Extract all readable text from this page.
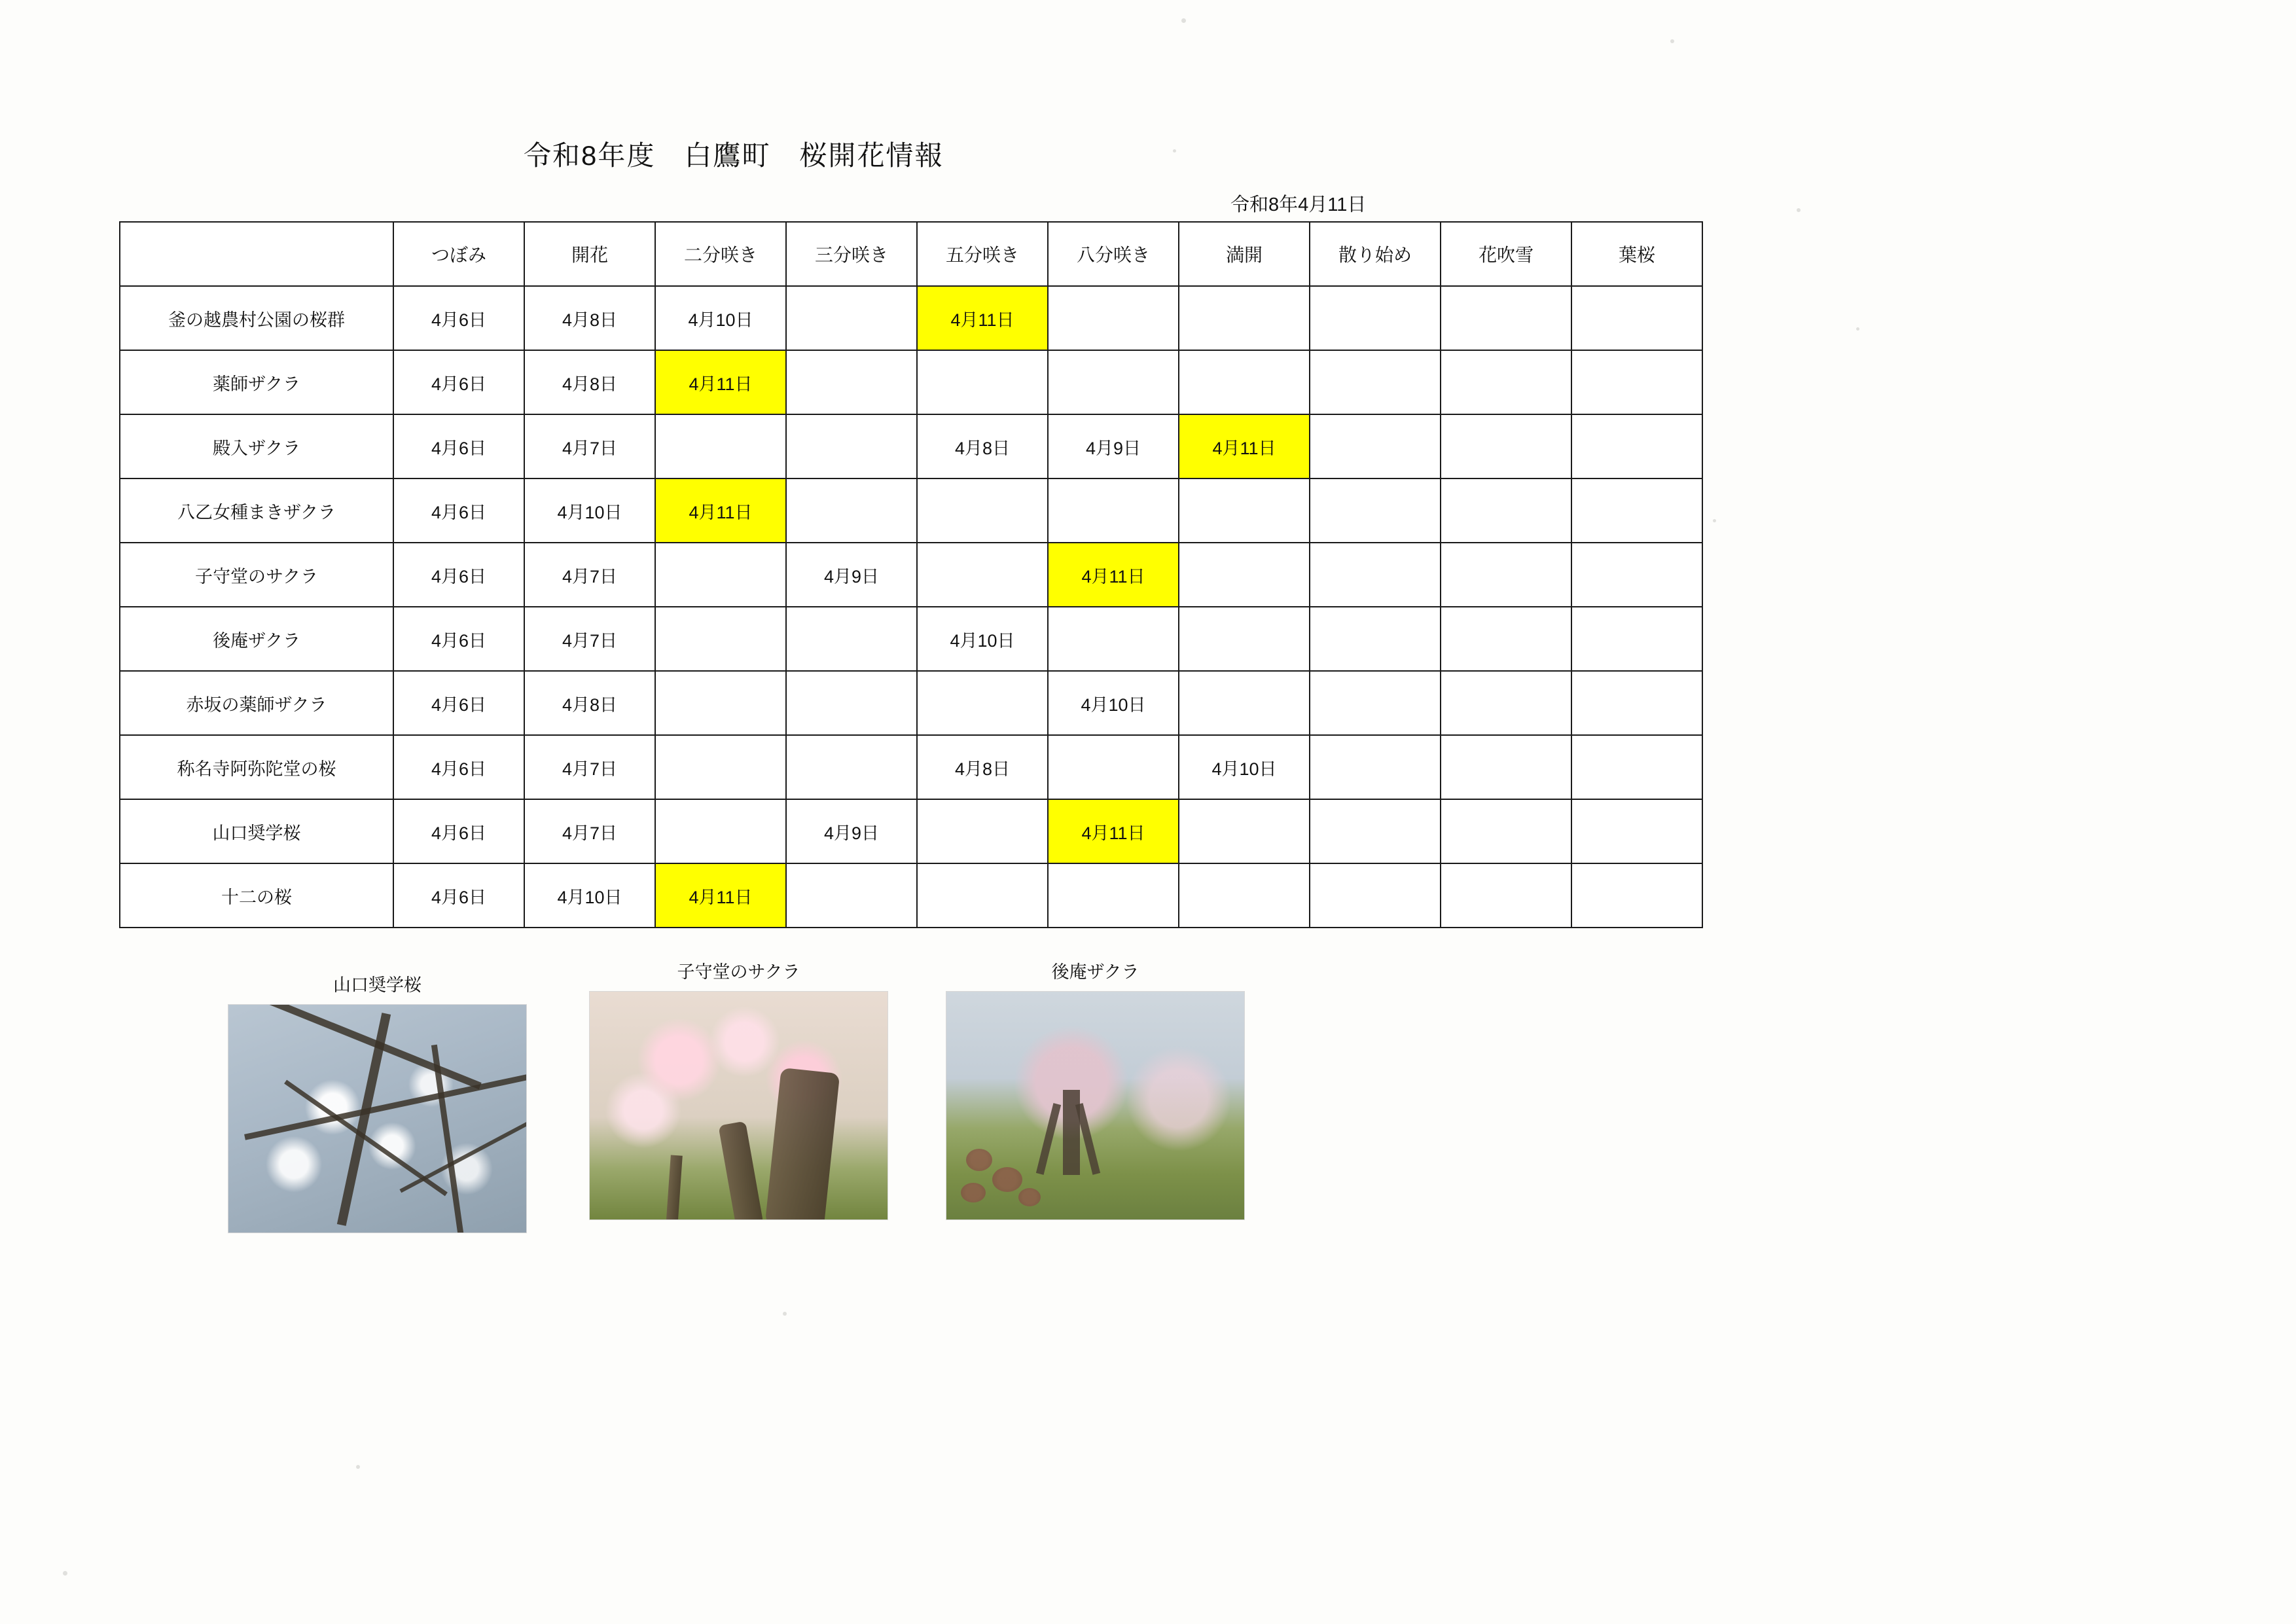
令和8年度　白鷹町　桜開花情報
令和8年4月11日
	つぼみ	開花	二分咲き	三分咲き	五分咲き	八分咲き	満開	散り始め	花吹雪	葉桜
釜の越農村公園の桜群	4月6日	4月8日	4月10日		4月11日					
薬師ザクラ	4月6日	4月8日	4月11日							
殿入ザクラ	4月6日	4月7日			4月8日	4月9日	4月11日			
八乙女種まきザクラ	4月6日	4月10日	4月11日							
子守堂のサクラ	4月6日	4月7日		4月9日		4月11日				
後庵ザクラ	4月6日	4月7日			4月10日					
赤坂の薬師ザクラ	4月6日	4月8日				4月10日				
称名寺阿弥陀堂の桜	4月6日	4月7日			4月8日		4月10日			
山口奨学桜	4月6日	4月7日		4月9日		4月11日				
十二の桜	4月6日	4月10日	4月11日							
山口奨学桜
子守堂のサクラ	後庵ザクラ
